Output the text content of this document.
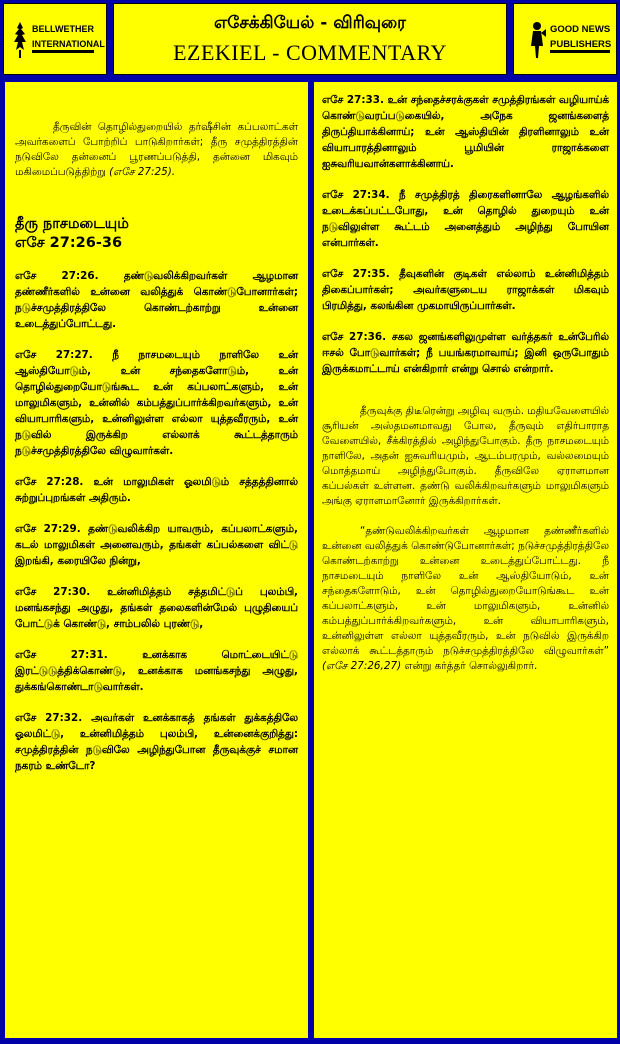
BELLWETHER
INTERNATIONAL
எசேக்கியேல் - விரிவுரை
EZEKIEL - COMMENTARY
GOOD NEWS
PUBLISHERS

தீருவின் தொழில்துறையில் தர்ஷீசின் கப்பலாட்கள் அவர்களைப் போற்றிப் பாடுகிறார்கள்; தீரு சமுத்திரத்தின் நடுவிலே தன்னைப் பூரணப்படுத்தி, தன்னை மிகவும் மகிமைப்படுத்திற்று (எசே 27:25).

தீரு நாசமடையும்
எசே 27:26-36

எசே 27:26. தண்டுவலிக்கிறவர்கள் ஆழமான தண்ணீர்களில் உன்னை வலித்துக் கொண்டுபோனார்கள்; நடுச்சமுத்திரத்திலே கொண்டற்காற்று உன்னை உடைத்துப்போட்டது.

எசே 27:27. நீ நாசமடையும் நாளிலே உன் ஆஸ்தியோடும், உன் சந்தைகளோடும், உன் தொழில்துறையோடுங்கூட உன் கப்பலாட்களும், உன் மாலுமிகளும், உன்னில் கம்பத்துப்பார்க்கிறவர்களும், உன் வியாபாரிகளும், உன்னிலுள்ள எல்லா யுத்தவீரரும், உன் நடுவில் இருக்கிற எல்லாக் கூட்டத்தாரும் நடுச்சமுத்திரத்திலே விழுவார்கள்.

எசே 27:28. உன் மாலுமிகள் ஓலமிடும் சத்தத்தினால் சுற்றுப்புறங்கள் அதிரும்.

எசே 27:29. தண்டுவலிக்கிற யாவரும், கப்பலாட்களும், கடல் மாலுமிகள் அனைவரும், தங்கள் கப்பல்களை விட்டு இறங்கி, கரையிலே நின்று,

எசே 27:30. உன்னிமித்தம் சத்தமிட்டுப் புலம்பி, மனங்கசந்து அழுது, தங்கள் தலைகளின்மேல் புழுதியைப் போட்டுக் கொண்டு, சாம்பலில் புரண்டு,

எசே 27:31. உனக்காக மொட்டையிட்டு இரட்டுடுத்திக்கொண்டு, உனக்காக மனங்கசந்து அழுது, துக்கங்கொண்டாடுவார்கள்.

எசே 27:32. அவர்கள் உனக்காகத் தங்கள் துக்கத்திலே ஓலமிட்டு, உன்னிமித்தம் புலம்பி, உன்னைக்குறித்து: சமுத்திரத்தின் நடுவிலே அழிந்துபோன தீருவுக்குச் சமான நகரம் உண்டோ?

எசே 27:33. உன் சந்தைச்சரக்குகள் சமுத்திரங்கள் வழியாய்க் கொண்டுவரப்படுகையில், அநேக ஜனங்களைத் திருப்தியாக்கினாய்; உன் ஆஸ்தியின் திரளினாலும் உன் வியாபாரத்தினாலும் பூமியின் ராஜாக்களை ஐசுவரியவான்களாக்கினாய்.

எசே 27:34. நீ சமுத்திரத் திரைகளினாலே ஆழங்களில் உடைக்கப்பட்டபோது, உன் தொழில் துறையும் உன் நடுவிலுள்ள கூட்டம் அனைத்தும் அழிந்து போயின என்பார்கள்.

எசே 27:35. தீவுகளின் குடிகள் எல்லாம் உன்னிமித்தம் திகைப்பார்கள்; அவர்களுடைய ராஜாக்கள் மிகவும் பிரமித்து, கலங்கின முகமாயிருப்பார்கள்.

எசே 27:36. சகல ஜனங்களிலுமுள்ள வர்த்தகர் உன்பேரில் ஈசல் போடுவார்கள்; நீ பயங்கரமாவாய்; இனி ஒருபோதும் இருக்கமாட்டாய் என்கிறார் என்று சொல் என்றார்.

தீருவுக்கு திடீரென்று அழிவு வரும். மதியவேளையில் சூரியன் அஸ்தமனமாவது போல, தீருவும் எதிர்பாராத வேளையில், சீக்கிரத்தில் அழிந்துபோகும். தீரு நாசமடையும் நாளிலே, அதன் ஐசுவரியமும், ஆடம்பரமும், வல்லமையும் மொத்தமாய் அழிந்துபோகும். தீருவிலே ஏராளமான கப்பல்கள் உள்ளன. தண்டு வலிக்கிறவர்களும் மாலுமிகளும் அங்கு ஏராளமானோர் இருக்கிறார்கள்.

“தண்டுவலிக்கிறவர்கள் ஆழமான தண்ணீர்களில் உன்னை வலித்துக் கொண்டுபோனார்கள்; நடுச்சமுத்திரத்திலே கொண்டற்காற்று உன்னை உடைத்துப்போட்டது. நீ நாசமடையும் நாளிலே உன் ஆஸ்தியோடும், உன் சந்தைகளோடும், உன் தொழில்துறையோடுங்கூட உன் கப்பலாட்களும், உன் மாலுமிகளும், உன்னில் கம்பத்துப்பார்க்கிறவர்களும், உன் வியாபாரிகளும், உன்னிலுள்ள எல்லா யுத்தவீரரும், உன் நடுவில் இருக்கிற எல்லாக் கூட்டத்தாரும் நடுச்சமுத்திரத்திலே விழுவார்கள்” (எசே 27:26,27) என்று கர்த்தர் சொல்லுகிறார்.
